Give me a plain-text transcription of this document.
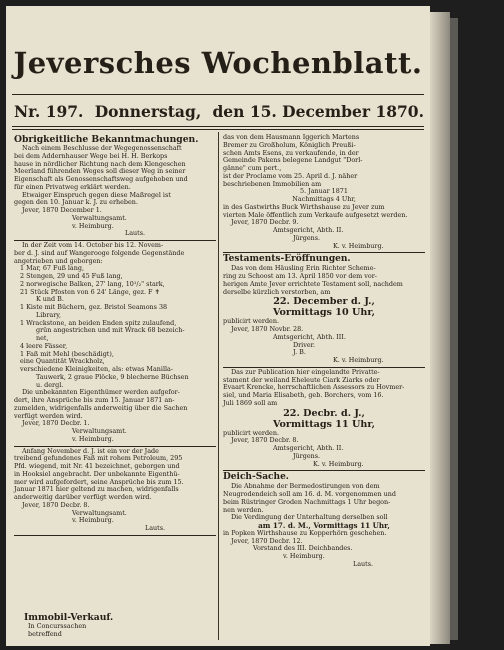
Jeversches Wochenblatt.
Nr. 197. Donnerstag, den 15. December 1870.

Obrigkeitliche Bekanntmachungen.

Nach einem Beschlusse der Wegegenossenschaft

bei dem Addernhauser Wege bei H. H. Berkops

hause in nördlicher Richtung nach dem Klengeschen

Meerland führenden Weges soll dieser Weg in seiner

Eigenschaft als Genossenschaftsweg aufgehoben und

für einen Privatweg erklärt werden.

Etwaiger Einspruch gegen diese Maßregel ist

gegen den 10. Januar k. J. zu erheben.

Jever, 1870 December 1.

Verwaltungsamt.

v. Heimburg.

Lauts.

In der Zeit vom 14. October bis 12. Novem-

ber d. J. sind auf Wangerooge folgende Gegenstände

angetrieben und geborgen:

1 Mar, 67 Fuß lang,

2 Stengen, 29 und 45 Fuß lang,

2 norwegische Balken, 27' lang, 10¹/₂" stark,

21 Stück Pfosten von 6 24' Länge, gez. F ✝

K und B.

1 Kiste mit Büchern, gez. Bristol Seamons 38

Library,

1 Wrackstone, an beiden Enden spitz zulaufend,

grün angestrichen und mit Wrack 68 bezeich-

net,

4 leere Fässer,

1 Faß mit Mehl (beschädigt),

eine Quantität Wrackholz,

verschiedene Kleinigkeiten, als: etwas Manilla-

Tauwerk, 2 graue Plöcke, 9 blecherne Büchsen

u. dergl.

Die unbekannten Eigenthümer werden aufgefor-

dert, ihre Ansprüche bis zum 15. Januar 1871 an-

zumelden, widrigenfalls anderweitig über die Sachen

verfügt werden wird.

Jever, 1870 Decbr. 1.

Verwaltungsamt.

v. Heimburg.

Anfang November d. J. ist ein vor der Jade

treibend gefundenes Faß mit rohem Petroleum, 295

Pfd. wiegend, mit Nr. 41 bezeichnet, geborgen und

in Hooksiel angebracht. Der unbekannte Eigenthü-

mer wird aufgefordert, seine Ansprüche bis zum 15.

Januar 1871 hier geltend zu machen, widrigenfalls

anderweitig darüber verfügt werden wird.

Jever, 1870 Decbr. 8.

Verwaltungsamt.

v. Heimburg.

Lauts.

Immobil-Verkauf.
In Concurssachen
betreffend

das von dem Hausmann Iggerich Martens

Bremer zu Großholum, Königlich Preußi-

schen Amts Esens, zu verkaufende, in der

Gemeinde Pakens belegene Landgut "Dorl-

gänne" cum pert.,

ist der Proclame vom 25. April d. J. näher

beschriebenen Immobilien am

5. Januar 1871

Nachmittags 4 Uhr,

in des Gastwirths Buck Wirthshause zu Jever zum

vierten Male öffentlich zum Verkaufe aufgesetzt werden.

Jever, 1870 Decbr. 9.

Amtsgericht, Abth. II.

Jürgens.

K. v. Heimburg.

Testaments-Eröffnungen.

Das von dem Häusling Erin Richter Scheme-

ring zu Schoost am 13. April 1850 vor dem vor-

herigen Amte Jever errichtete Testament soll, nachdem

derselbe kürzlich verstorben, am

22. December d. J.,

Vormittags 10 Uhr,

publicirt werden.

Jever, 1870 Novbr. 28.

Amtsgericht, Abth. III.

Driver.

J. B.

K. v. Heimburg.

Das zur Publication hier eingelandte Privatte-

stament der weiland Eheleute Ciark Ziarks oder

Evaart Krencke, herrschaftlichen Assessors zu Hovmer-

siel, und Maria Elisabeth, geb. Borchers, vom 16.

Juli 1869 soll am

22. Decbr. d. J.,

Vormittags 11 Uhr,

publicirt werden.

Jever, 1870 Decbr. 8.

Amtsgericht, Abth. II.

Jürgens.

K. v. Heimburg.

Deich-Sache.

Die Abnahme der Bermedostirungen von dem

Neugrodendeich soll am 16. d. M. vorgenommen und

beim Rüstringer Groden Nachmittags 1 Uhr begon-

nen werden.

Die Verdingung der Unterhaltung derselben soll

am 17. d. M., Vormittags 11 Uhr,

in Popken Wirthshause zu Kopperhörn geschehen.

Jever, 1870 Decbr. 12.

Vorstand des III. Deichbandes.

v. Heimburg.

Lauts.
